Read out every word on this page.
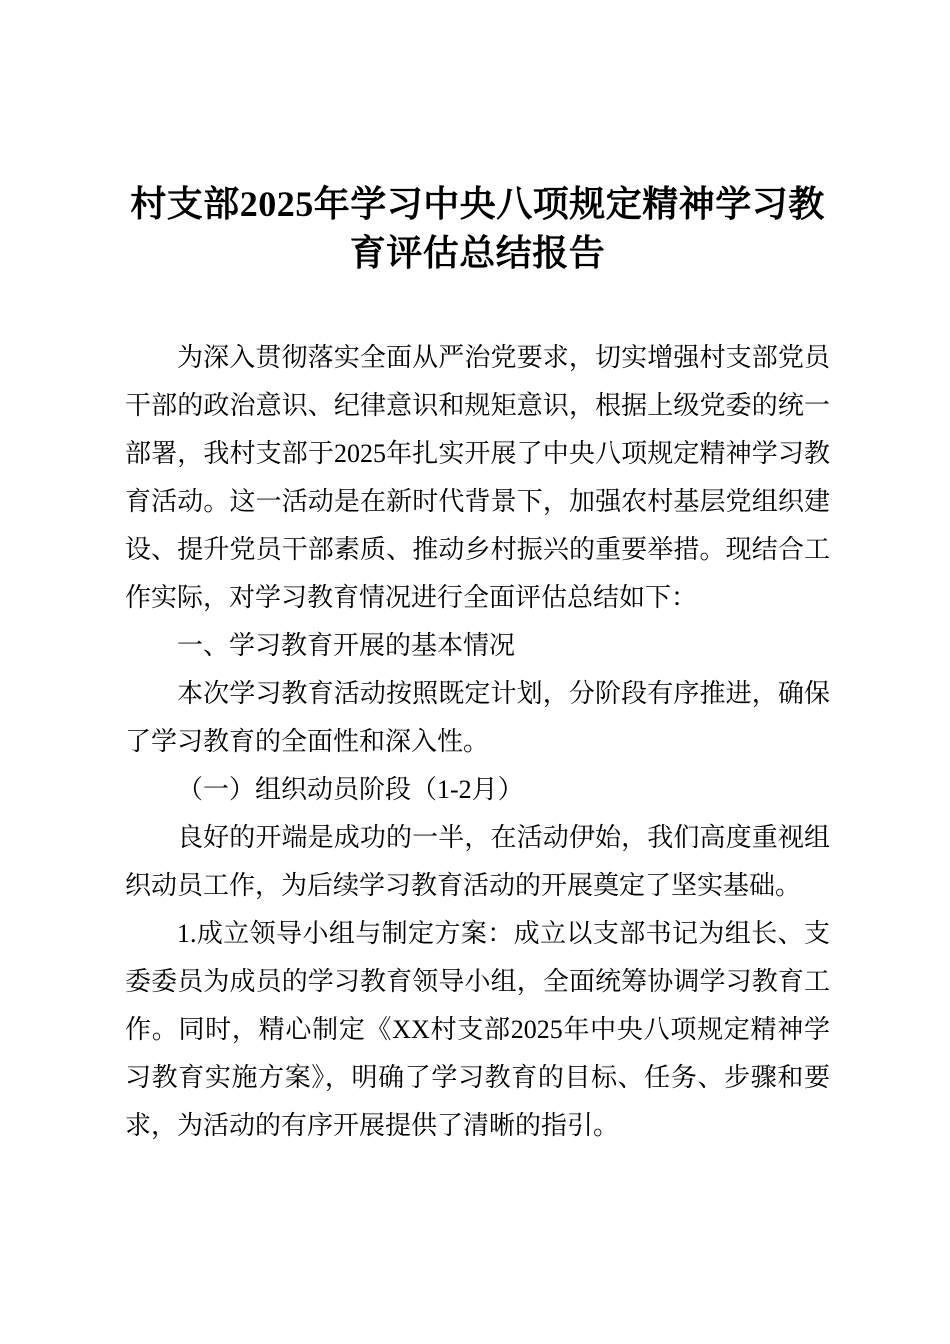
村支部2025年学习中央八项规定精神学习教育评估总结报告

为深入贯彻落实全面从严治党要求，切实增强村支部党员干部的政治意识、纪律意识和规矩意识，根据上级党委的统一部署，我村支部于2025年扎实开展了中央八项规定精神学习教育活动。这一活动是在新时代背景下，加强农村基层党组织建设、提升党员干部素质、推动乡村振兴的重要举措。现结合工作实际，对学习教育情况进行全面评估总结如下：

一、学习教育开展的基本情况

本次学习教育活动按照既定计划，分阶段有序推进，确保了学习教育的全面性和深入性。

（一）组织动员阶段（1-2月）

良好的开端是成功的一半，在活动伊始，我们高度重视组织动员工作，为后续学习教育活动的开展奠定了坚实基础。

1.成立领导小组与制定方案：成立以支部书记为组长、支委委员为成员的学习教育领导小组，全面统筹协调学习教育工作。同时，精心制定《XX村支部2025年中央八项规定精神学习教育实施方案》，明确了学习教育的目标、任务、步骤和要求，为活动的有序开展提供了清晰的指引。
